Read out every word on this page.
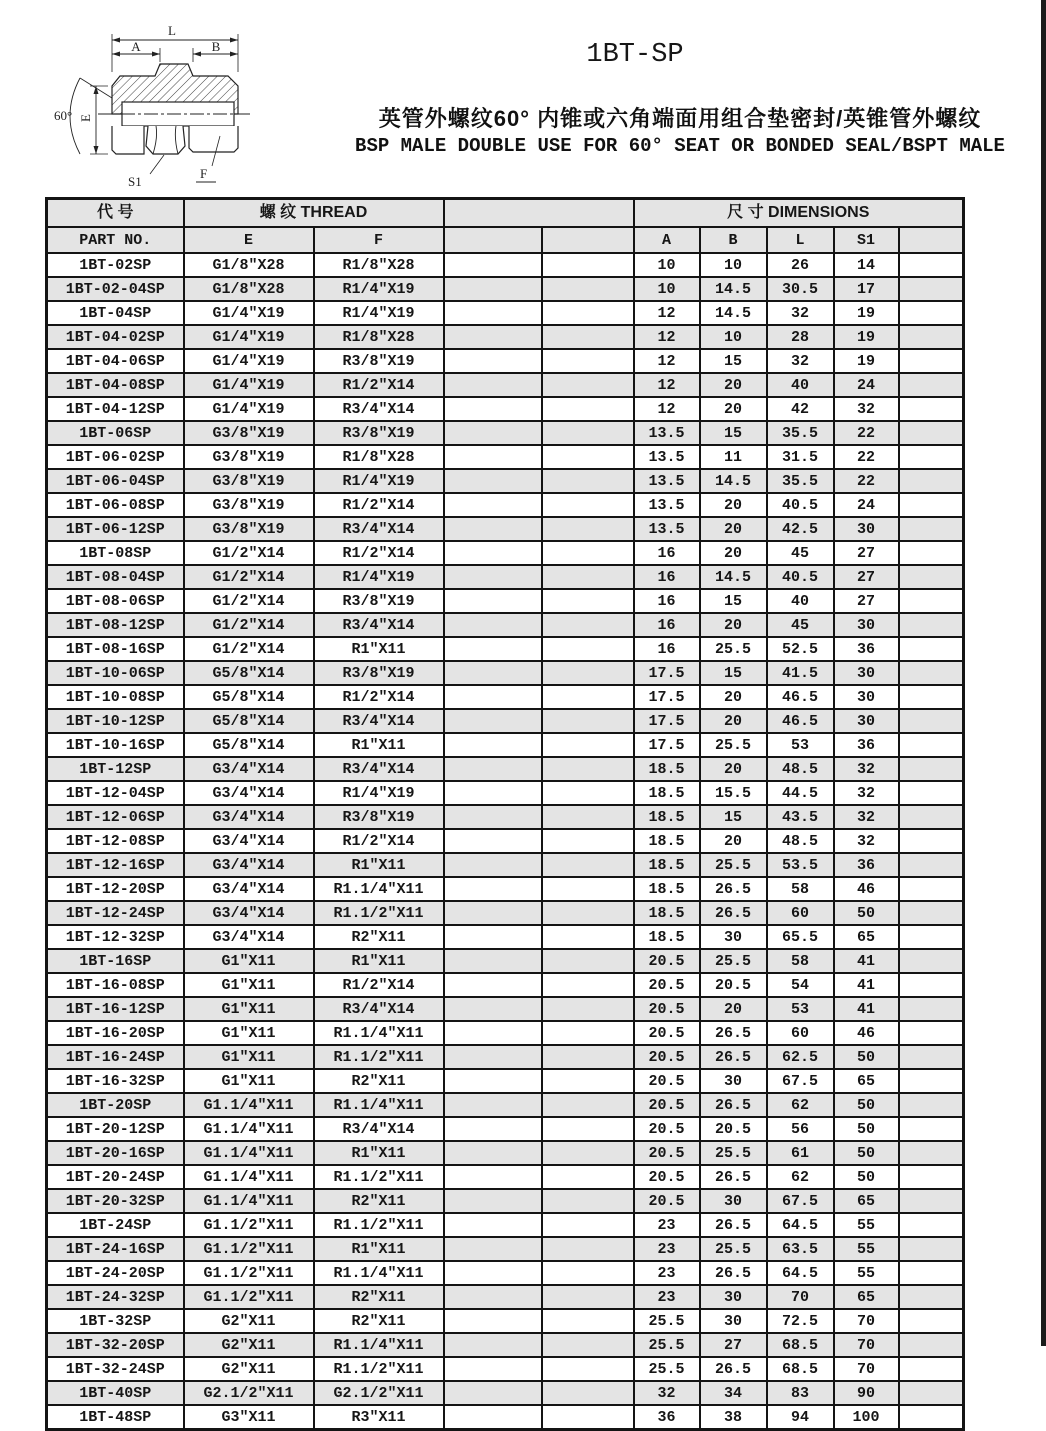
L
A	B
E
60°
S1
F
1BT-SP
英管外螺纹60° 内锥或六角端面用组合垫密封/英锥管外螺纹
BSP MALE DOUBLE USE FOR 60° SEAT OR BONDED SEAL/BSPT MALE
代 号	螺 纹 THREAD				尺 寸 DIMENSIONS				
PART NO.	E	F			A	B	L	S1	
1BT-02SP	G1/8″X28	R1/8″X28			10	10	26	14	
1BT-02-04SP	G1/8″X28	R1/4″X19			10	14.5	30.5	17	
1BT-04SP	G1/4″X19	R1/4″X19			12	14.5	32	19	
1BT-04-02SP	G1/4″X19	R1/8″X28			12	10	28	19	
1BT-04-06SP	G1/4″X19	R3/8″X19			12	15	32	19	
1BT-04-08SP	G1/4″X19	R1/2″X14			12	20	40	24	
1BT-04-12SP	G1/4″X19	R3/4″X14			12	20	42	32	
1BT-06SP	G3/8″X19	R3/8″X19			13.5	15	35.5	22	
1BT-06-02SP	G3/8″X19	R1/8″X28			13.5	11	31.5	22	
1BT-06-04SP	G3/8″X19	R1/4″X19			13.5	14.5	35.5	22	
1BT-06-08SP	G3/8″X19	R1/2″X14			13.5	20	40.5	24	
1BT-06-12SP	G3/8″X19	R3/4″X14			13.5	20	42.5	30	
1BT-08SP	G1/2″X14	R1/2″X14			16	20	45	27	
1BT-08-04SP	G1/2″X14	R1/4″X19			16	14.5	40.5	27	
1BT-08-06SP	G1/2″X14	R3/8″X19			16	15	40	27	
1BT-08-12SP	G1/2″X14	R3/4″X14			16	20	45	30	
1BT-08-16SP	G1/2″X14	R1″X11			16	25.5	52.5	36	
1BT-10-06SP	G5/8″X14	R3/8″X19			17.5	15	41.5	30	
1BT-10-08SP	G5/8″X14	R1/2″X14			17.5	20	46.5	30	
1BT-10-12SP	G5/8″X14	R3/4″X14			17.5	20	46.5	30	
1BT-10-16SP	G5/8″X14	R1″X11			17.5	25.5	53	36	
1BT-12SP	G3/4″X14	R3/4″X14			18.5	20	48.5	32	
1BT-12-04SP	G3/4″X14	R1/4″X19			18.5	15.5	44.5	32	
1BT-12-06SP	G3/4″X14	R3/8″X19			18.5	15	43.5	32	
1BT-12-08SP	G3/4″X14	R1/2″X14			18.5	20	48.5	32	
1BT-12-16SP	G3/4″X14	R1″X11			18.5	25.5	53.5	36	
1BT-12-20SP	G3/4″X14	R1.1/4″X11			18.5	26.5	58	46	
1BT-12-24SP	G3/4″X14	R1.1/2″X11			18.5	26.5	60	50	
1BT-12-32SP	G3/4″X14	R2″X11			18.5	30	65.5	65	
1BT-16SP	G1″X11	R1″X11			20.5	25.5	58	41	
1BT-16-08SP	G1″X11	R1/2″X14			20.5	20.5	54	41	
1BT-16-12SP	G1″X11	R3/4″X14			20.5	20	53	41	
1BT-16-20SP	G1″X11	R1.1/4″X11			20.5	26.5	60	46	
1BT-16-24SP	G1″X11	R1.1/2″X11			20.5	26.5	62.5	50	
1BT-16-32SP	G1″X11	R2″X11			20.5	30	67.5	65	
1BT-20SP	G1.1/4″X11	R1.1/4″X11			20.5	26.5	62	50	
1BT-20-12SP	G1.1/4″X11	R3/4″X14			20.5	20.5	56	50	
1BT-20-16SP	G1.1/4″X11	R1″X11			20.5	25.5	61	50	
1BT-20-24SP	G1.1/4″X11	R1.1/2″X11			20.5	26.5	62	50	
1BT-20-32SP	G1.1/4″X11	R2″X11			20.5	30	67.5	65	
1BT-24SP	G1.1/2″X11	R1.1/2″X11			23	26.5	64.5	55	
1BT-24-16SP	G1.1/2″X11	R1″X11			23	25.5	63.5	55	
1BT-24-20SP	G1.1/2″X11	R1.1/4″X11			23	26.5	64.5	55	
1BT-24-32SP	G1.1/2″X11	R2″X11			23	30	70	65	
1BT-32SP	G2″X11	R2″X11			25.5	30	72.5	70	
1BT-32-20SP	G2″X11	R1.1/4″X11			25.5	27	68.5	70	
1BT-32-24SP	G2″X11	R1.1/2″X11			25.5	26.5	68.5	70	
1BT-40SP	G2.1/2″X11	G2.1/2″X11			32	34	83	90	
1BT-48SP	G3″X11	R3″X11			36	38	94	100	
